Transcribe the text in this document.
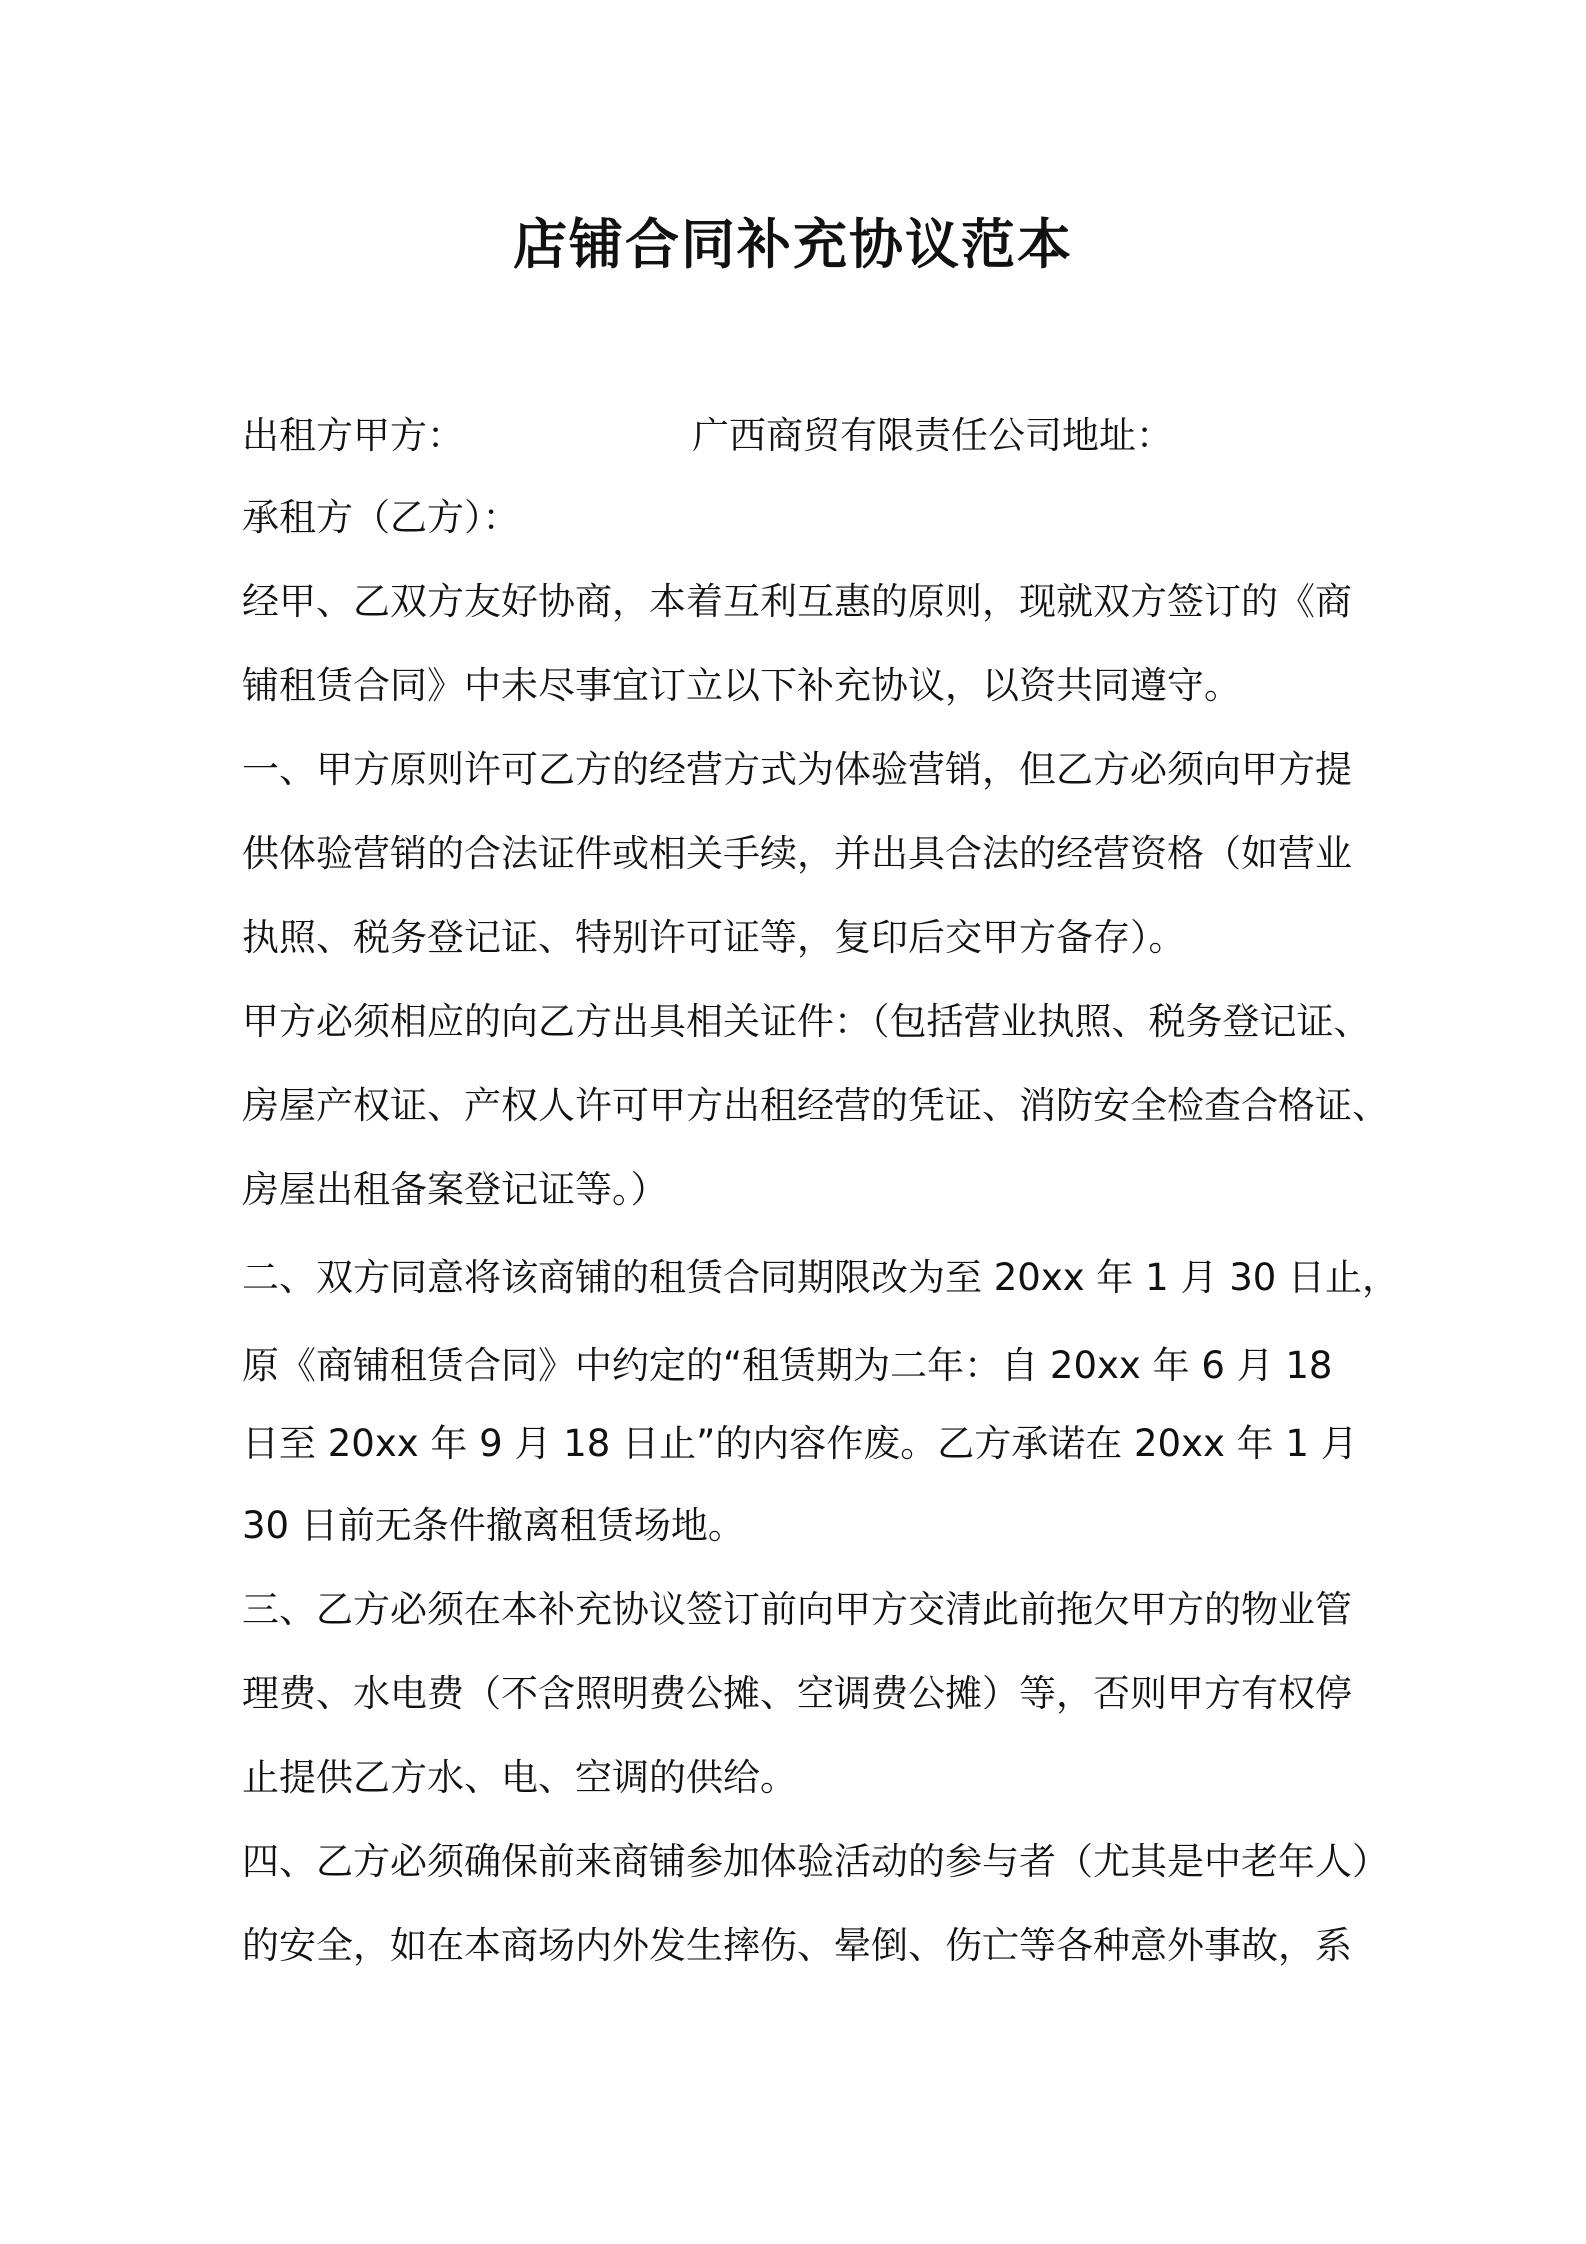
店铺合同补充协议范本
出租方甲方：	广西商贸有限责任公司地址：
承租方（乙方）：
经甲、乙双方友好协商，本着互利互惠的原则，现就双方签订的《商
铺租赁合同》中未尽事宜订立以下补充协议，以资共同遵守。
一、甲方原则许可乙方的经营方式为体验营销，但乙方必须向甲方提
供体验营销的合法证件或相关手续，并出具合法的经营资格（如营业
执照、税务登记证、特别许可证等，复印后交甲方备存）。
甲方必须相应的向乙方出具相关证件：（包括营业执照、税务登记证、
房屋产权证、产权人许可甲方出租经营的凭证、消防安全检查合格证、
房屋出租备案登记证等。）
二、双方同意将该商铺的租赁合同期限改为至 20xx 年 1 月 30 日止，
原《商铺租赁合同》中约定的“租赁期为二年：自 20xx 年 6 月 18
日至 20xx 年 9 月 18 日止”的内容作废。乙方承诺在 20xx 年 1 月
30 日前无条件撤离租赁场地。
三、乙方必须在本补充协议签订前向甲方交清此前拖欠甲方的物业管
理费、水电费（不含照明费公摊、空调费公摊）等，否则甲方有权停
止提供乙方水、电、空调的供给。
四、乙方必须确保前来商铺参加体验活动的参与者（尤其是中老年人）
的安全，如在本商场内外发生摔伤、晕倒、伤亡等各种意外事故，系
